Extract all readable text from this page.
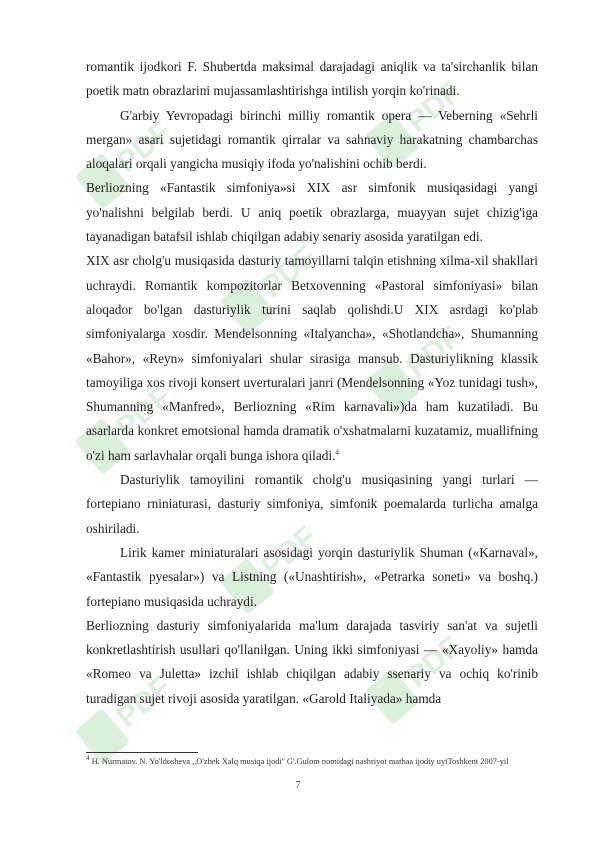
PDF
PDF
PDF
PDF
PDF
PDF
PDF
PDF

romantik ijodkori F. Shubertda maksimal darajadagi aniqlik va ta'sirchanlik bilan poetik matn obrazlarini mujassamlashtirishga intilish yorqin ko'rinadi.

G'arbiy Yevropadagi birinchi milliy romantik opera — Veberning «Sehrli mergan» asari sujetidagi romantik qirralar va sahnaviy harakatning chambarchas aloqalari orqali yangicha musiqiy ifoda yo'nalishini ochib berdi.

Berliozning «Fantastik simfoniya»si XIX asr simfonik musiqasidagi yangi yo'nalishni belgilab berdi. U aniq poetik obrazlarga, muayyan sujet chizig'iga tayanadigan batafsil ishlab chiqilgan adabiy senariy asosida yaratilgan edi.

XIX asr cholg'u musiqasida dasturiy tamoyillarni talqin etishning xilma-xil shakllari uchraydi. Romantik kompozitorlar Betxovenning «Pastoral simfoniyasi» bilan aloqador bo'lgan dasturiylik turini saqlab qolishdi.U XIX asrdagi ko'plab simfoniyalarga xosdir. Mendelsonning «Italyancha», «Shotlandcha», Shumanning «Bahor», «Reyn» simfoniyalari shular sirasiga mansub. Dasturiylikning klassik tamoyiliga xos rivoji konsert uverturalari janri (Mendelsonning «Yoz tunidagi tush», Shumanning «Manfred», Berliozning «Rim karnavali»)da ham kuzatiladi. Bu asarlarda konkret emotsional hamda dramatik o'xshatmalarni kuzatamiz, muallifning o'zi ham sarlavhalar orqali bunga ishora qiladi.$^4$

Dasturiylik tamoyilini romantik cholg'u musiqasining yangi turlari — fortepiano rniniaturasi, dasturiy simfoniya, simfonik poemalarda turlicha amalga oshiriladi.

Lirik kamer miniaturalari asosidagi yorqin dasturiylik Shuman («Karnaval», «Fantastik pyesalar») va Listning («Unashtirish», «Petrarka soneti» va boshq.) fortepiano musiqasida uchraydi.

Berliozning dasturiy simfoniyalarida ma'lum darajada tasviriy san'at va sujetli konkretlashtirish usullari qo'llanilgan. Uning ikki simfoniyasi — «Xayoliy» hamda «Romeo va Juletta» izchil ishlab chiqilgan adabiy ssenariy va ochiq ko'rinib turadigan sujet rivoji asosida yaratilgan. «Garold Italiyada» hamda

$^4$ H. Nurmatov. N. Yo'ldosheva ,,O'zbek Xalq musiqa ijodi'' G'.Gulom nomidagi nashriyot matbaa ijodiy uyiToshkent 2007-yil
7
